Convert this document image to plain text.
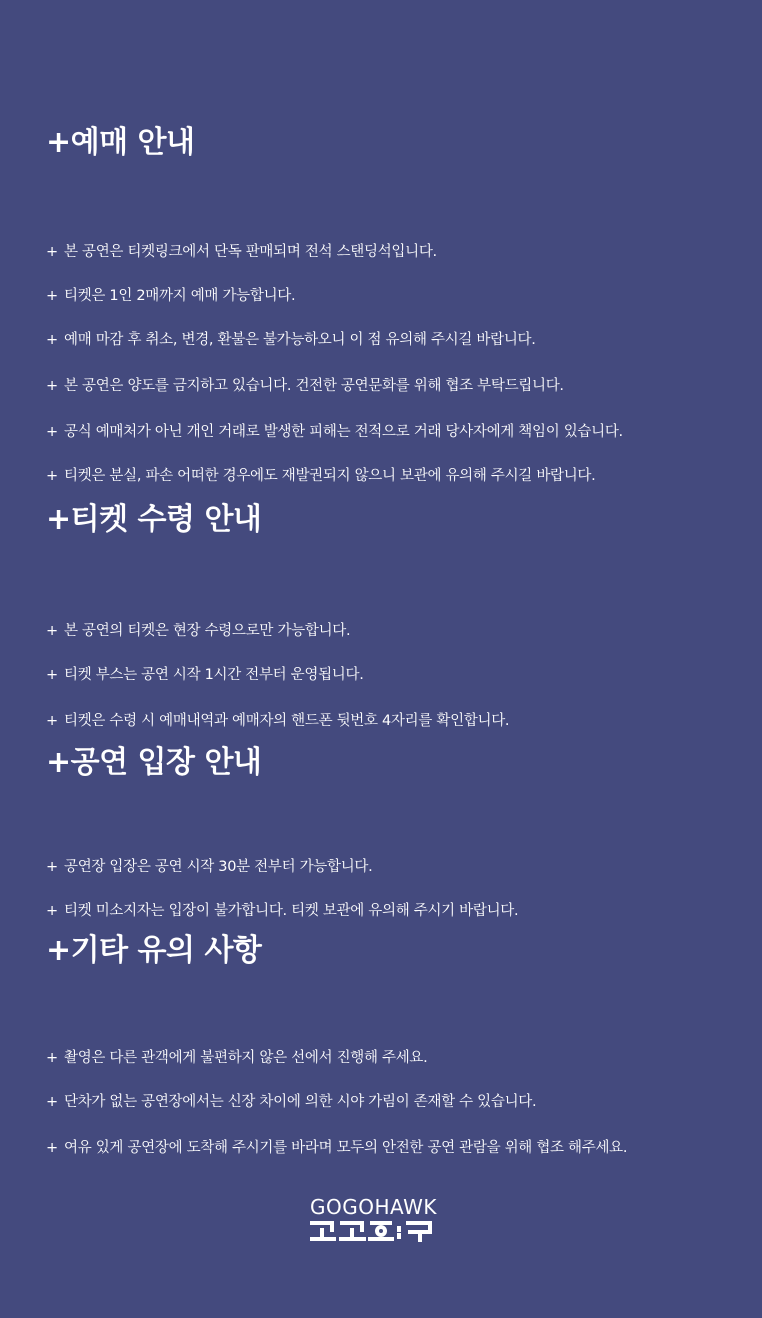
+예매 안내
+ 본 공연은 티켓링크에서 단독 판매되며 전석 스탠딩석입니다.
+ 티켓은 1인 2매까지 예매 가능합니다.
+ 예매 마감 후 취소, 변경, 환불은 불가능하오니 이 점 유의해 주시길 바랍니다.
+ 본 공연은 양도를 금지하고 있습니다. 건전한 공연문화를 위해 협조 부탁드립니다.
+ 공식 예매처가 아닌 개인 거래로 발생한 피해는 전적으로 거래 당사자에게 책임이 있습니다.
+ 티켓은 분실, 파손 어떠한 경우에도 재발권되지 않으니 보관에 유의해 주시길 바랍니다.
+티켓 수령 안내
+ 본 공연의 티켓은 현장 수령으로만 가능합니다.
+ 티켓 부스는 공연 시작 1시간 전부터 운영됩니다.
+ 티켓은 수령 시 예매내역과 예매자의 핸드폰 뒷번호 4자리를 확인합니다.
+공연 입장 안내
+ 공연장 입장은 공연 시작 30분 전부터 가능합니다.
+ 티켓 미소지자는 입장이 불가합니다. 티켓 보관에 유의해 주시기 바랍니다.
+기타 유의 사항
+ 촬영은 다른 관객에게 불편하지 않은 선에서 진행해 주세요.
+ 단차가 없는 공연장에서는 신장 차이에 의한 시야 가림이 존재할 수 있습니다.
+ 여유 있게 공연장에 도착해 주시기를 바라며 모두의 안전한 공연 관람을 위해 협조 해주세요.
GOGOHAWK
